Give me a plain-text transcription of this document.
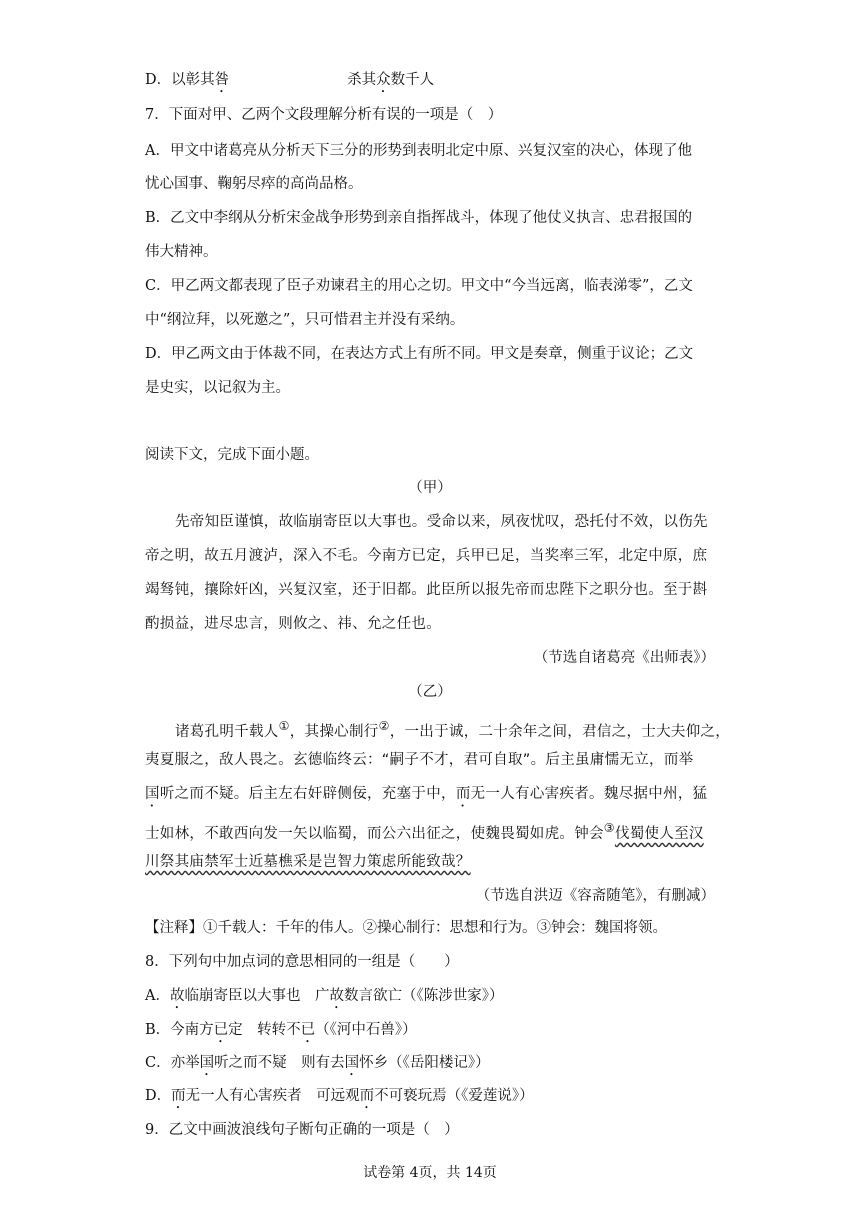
D．以彰其咎	杀其众数千人
7．下面对甲、乙两个文段理解分析有误的一项是（　）
A．甲文中诸葛亮从分析天下三分的形势到表明北定中原、兴复汉室的决心，体现了他
忧心国事、鞠躬尽瘁的高尚品格。
B．乙文中李纲从分析宋金战争形势到亲自指挥战斗，体现了他仗义执言、忠君报国的
伟大精神。
C．甲乙两文都表现了臣子劝谏君主的用心之切。甲文中“今当远离，临表涕零”，乙文
中“纲泣拜，以死邀之”，只可惜君主并没有采纳。
D．甲乙两文由于体裁不同，在表达方式上有所不同。甲文是奏章，侧重于议论；乙文
是史实，以记叙为主。
阅读下文，完成下面小题。
（甲）
先帝知臣谨慎，故临崩寄臣以大事也。受命以来，夙夜忧叹，恐托付不效，以伤先
帝之明，故五月渡泸，深入不毛。今南方已定，兵甲已足，当奖率三军，北定中原，庶
竭驽钝，攘除奸凶，兴复汉室，还于旧都。此臣所以报先帝而忠陛下之职分也。至于斟
酌损益，进尽忠言，则攸之、祎、允之任也。
（节选自诸葛亮《出师表》）
（乙）
诸葛孔明千载人①，其操心制行②，一出于诚，二十余年之间，君信之，士大夫仰之，
夷夏服之，敌人畏之。玄德临终云：“嗣子不才，君可自取”。后主虽庸懦无立，而举
国听之而不疑。后主左右奸辟侧佞，充塞于中，而无一人有心害疾者。魏尽据中州，猛
士如林，不敢西向发一矢以临蜀，而公六出征之，使魏畏蜀如虎。钟会③伐蜀使人至汉
川祭其庙禁军士近墓樵采是岂智力策虑所能致哉？
（节选自洪迈《容斋随笔》，有删减）
【注释】①千载人：千年的伟人。②操心制行：思想和行为。③钟会：魏国将领。
8．下列句中加点词的意思相同的一组是（　　）
A．故临崩寄臣以大事也　广故数言欲亡（《陈涉世家》）
B．今南方已定　转转不已（《河中石兽》）
C．亦举国听之而不疑　则有去国怀乡（《岳阳楼记》）
D．而无一人有心害疾者　可远观而不可亵玩焉（《爱莲说》）
9．乙文中画波浪线句子断句正确的一项是（　）
试卷第 4页，共 14页
